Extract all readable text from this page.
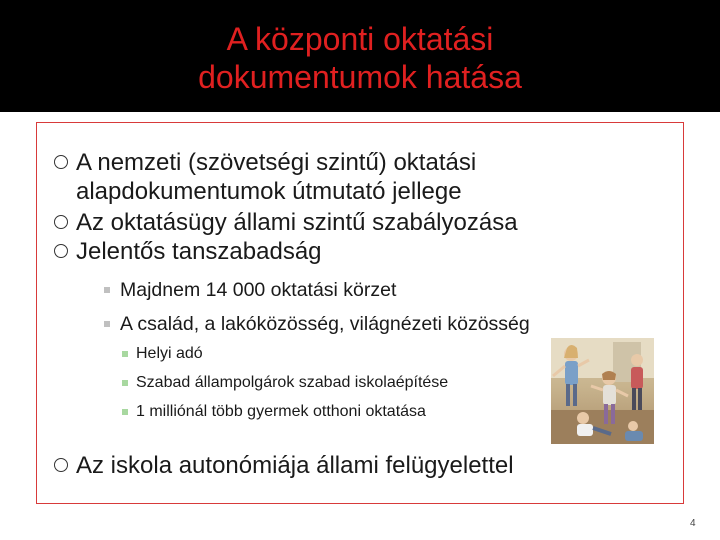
A központi oktatási
dokumentumok hatása
A nemzeti (szövetségi szintű) oktatási
alapdokumentumok útmutató jellege
Az oktatásügy állami szintű szabályozása
Jelentős tanszabadság
Majdnem 14 000 oktatási körzet
A család, a lakóközösség, világnézeti közösség
Helyi adó
Szabad állampolgárok szabad iskolaépítése
1 milliónál több gyermek otthoni oktatása
Az iskola autonómiája állami felügyelettel
4
